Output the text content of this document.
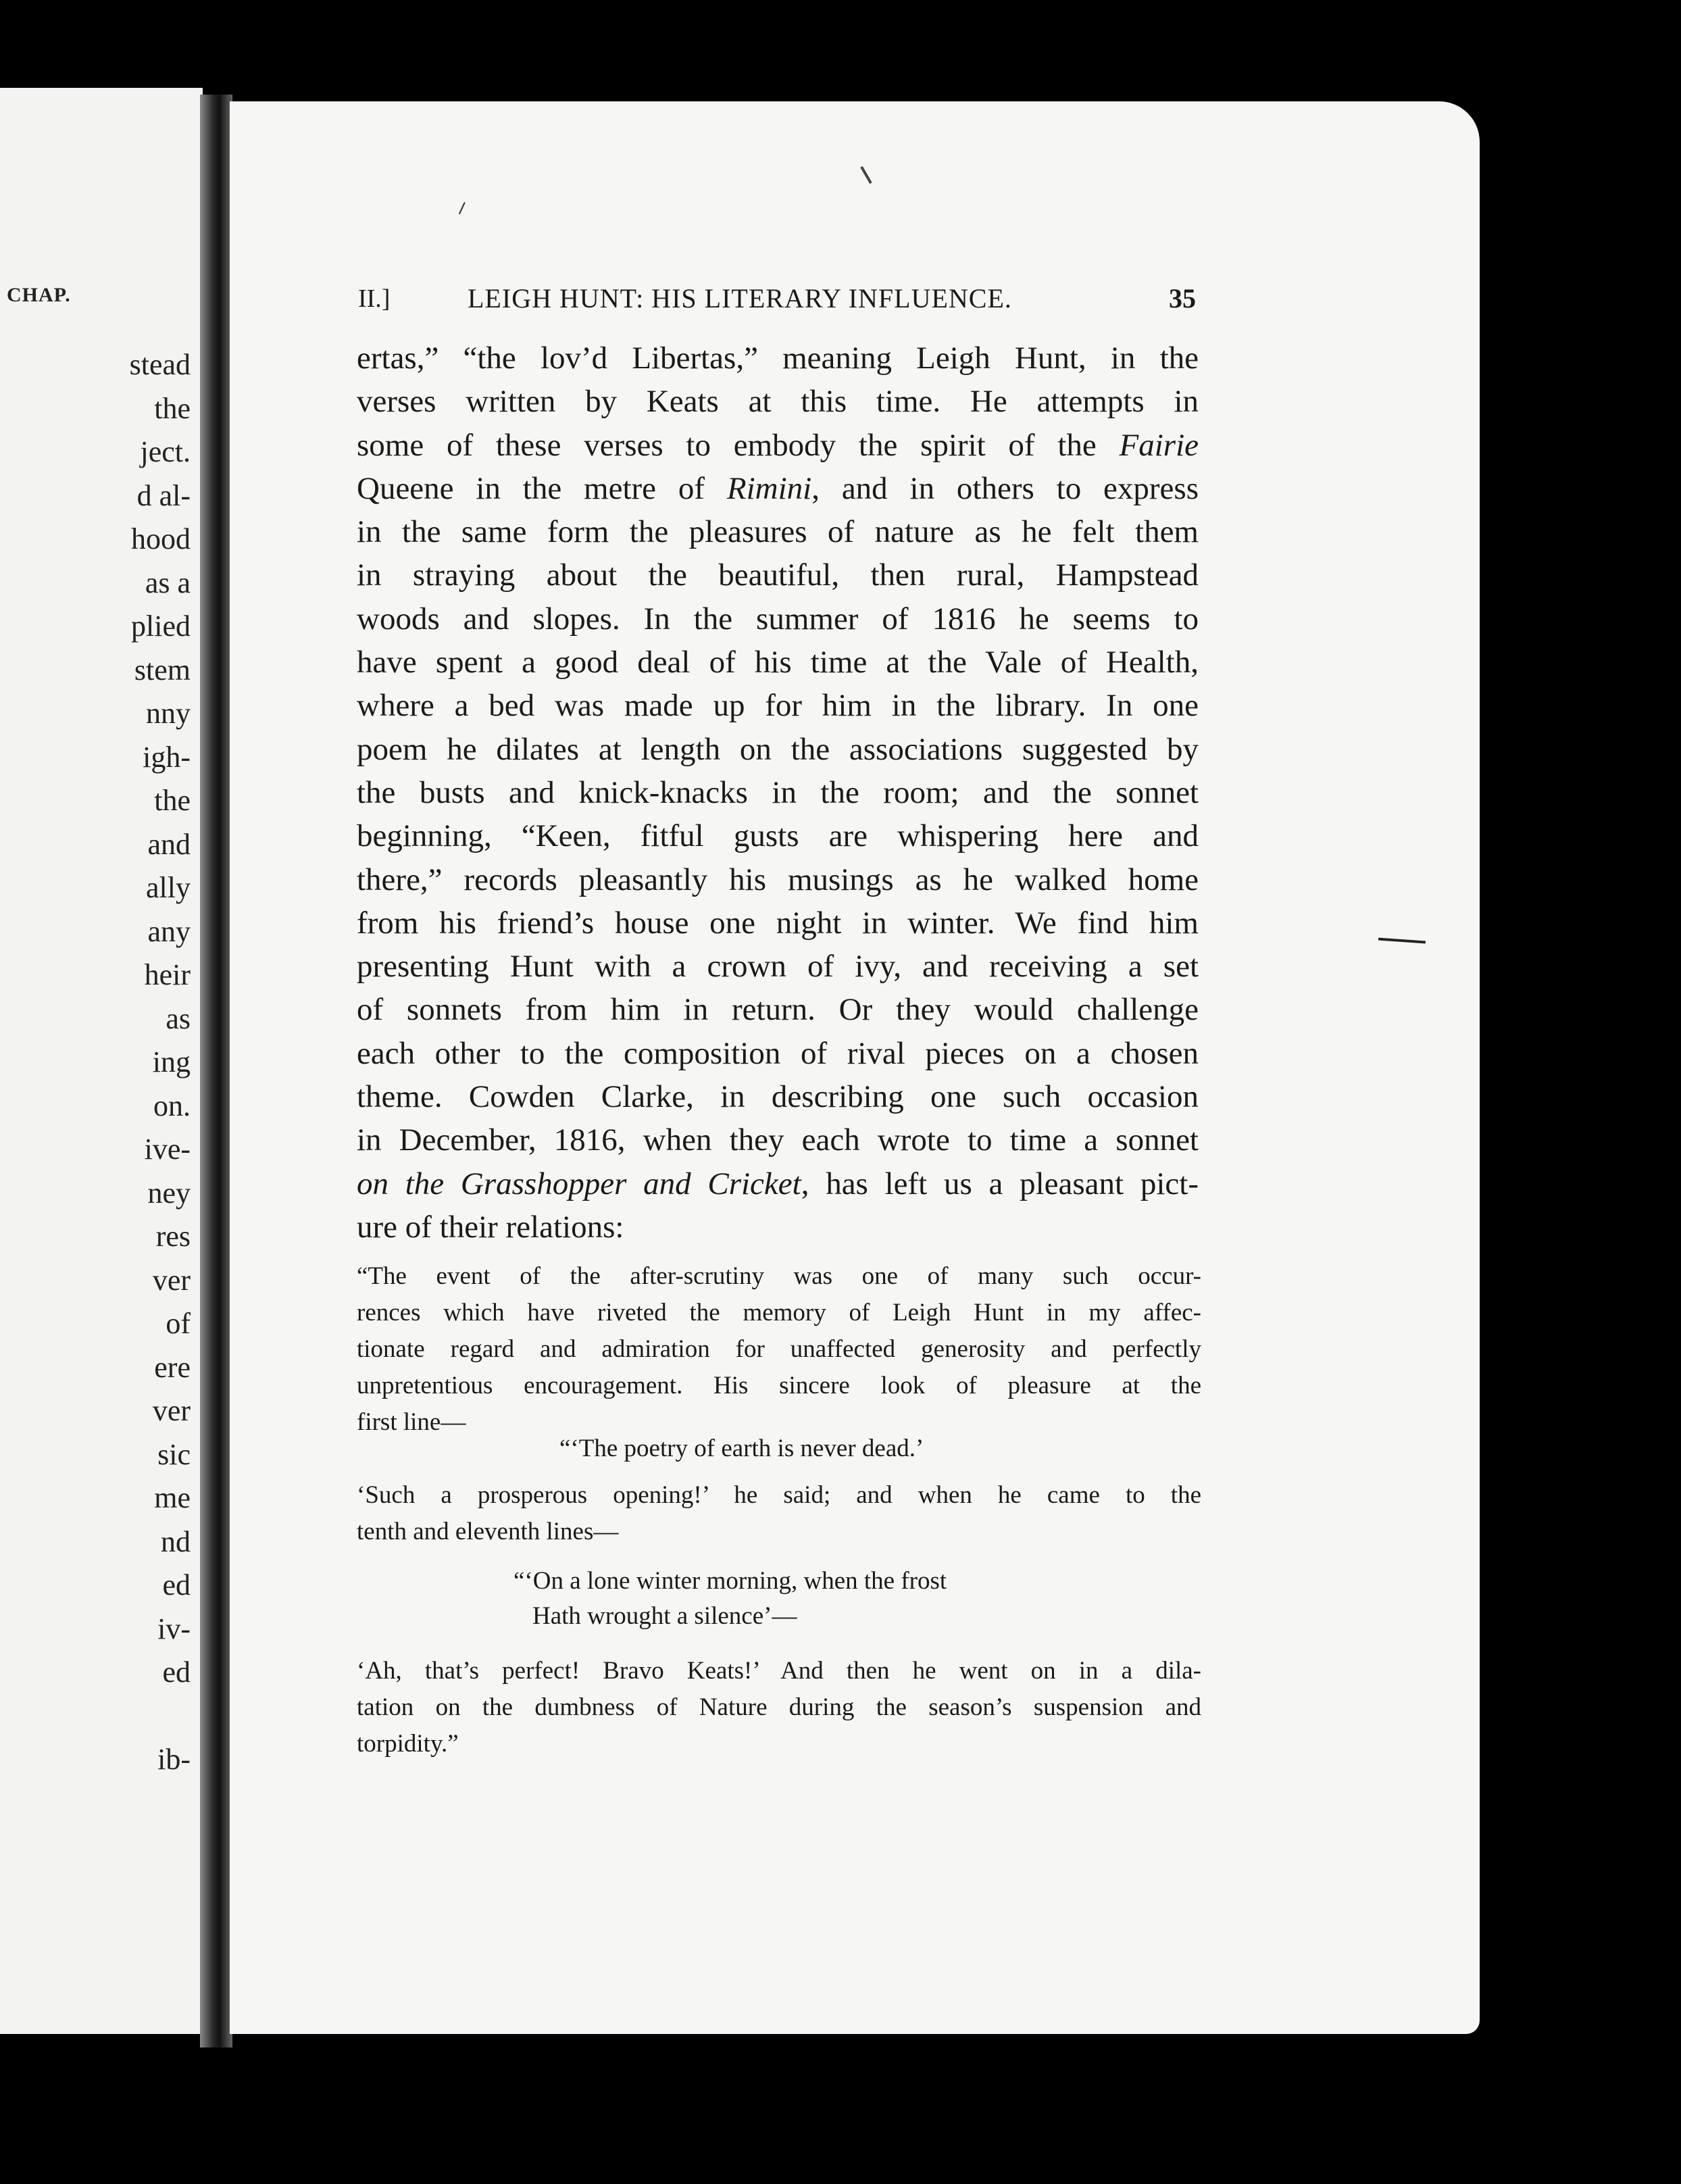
CHAP.
stead
the
ject.
d al-
hood
as a
plied
stem
nny
igh-
the
and
ally
any
heir
as
ing
on.
ive-
ney
res
ver
of
ere
ver
sic
me
nd
ed
iv-
ed

ib-
II.]	LEIGH HUNT: HIS LITERARY INFLUENCE.	35
ertas,” “the lov’d Libertas,” meaning Leigh Hunt, in the
verses written by Keats at this time. He attempts in
some of these verses to embody the spirit of the Fairie
Queene in the metre of Rimini, and in others to express
in the same form the pleasures of nature as he felt them
in straying about the beautiful, then rural, Hampstead
woods and slopes. In the summer of 1816 he seems to
have spent a good deal of his time at the Vale of Health,
where a bed was made up for him in the library. In one
poem he dilates at length on the associations suggested by
the busts and knick-knacks in the room; and the sonnet
beginning, “Keen, fitful gusts are whispering here and
there,” records pleasantly his musings as he walked home
from his friend’s house one night in winter. We find him
presenting Hunt with a crown of ivy, and receiving a set
of sonnets from him in return. Or they would challenge
each other to the composition of rival pieces on a chosen
theme. Cowden Clarke, in describing one such occasion
in December, 1816, when they each wrote to time a sonnet
on the Grasshopper and Cricket, has left us a pleasant pict-
ure of their relations:
“The event of the after-scrutiny was one of many such occur-
rences which have riveted the memory of Leigh Hunt in my affec-
tionate regard and admiration for unaffected generosity and perfectly
unpretentious encouragement. His sincere look of pleasure at the
first line—
“‘The poetry of earth is never dead.’
‘Such a prosperous opening!’ he said; and when he came to the
tenth and eleventh lines—
“‘On a lone winter morning, when the frost
Hath wrought a silence’—
‘Ah, that’s perfect! Bravo Keats!’ And then he went on in a dila-
tation on the dumbness of Nature during the season’s suspension and
torpidity.”
⸝
